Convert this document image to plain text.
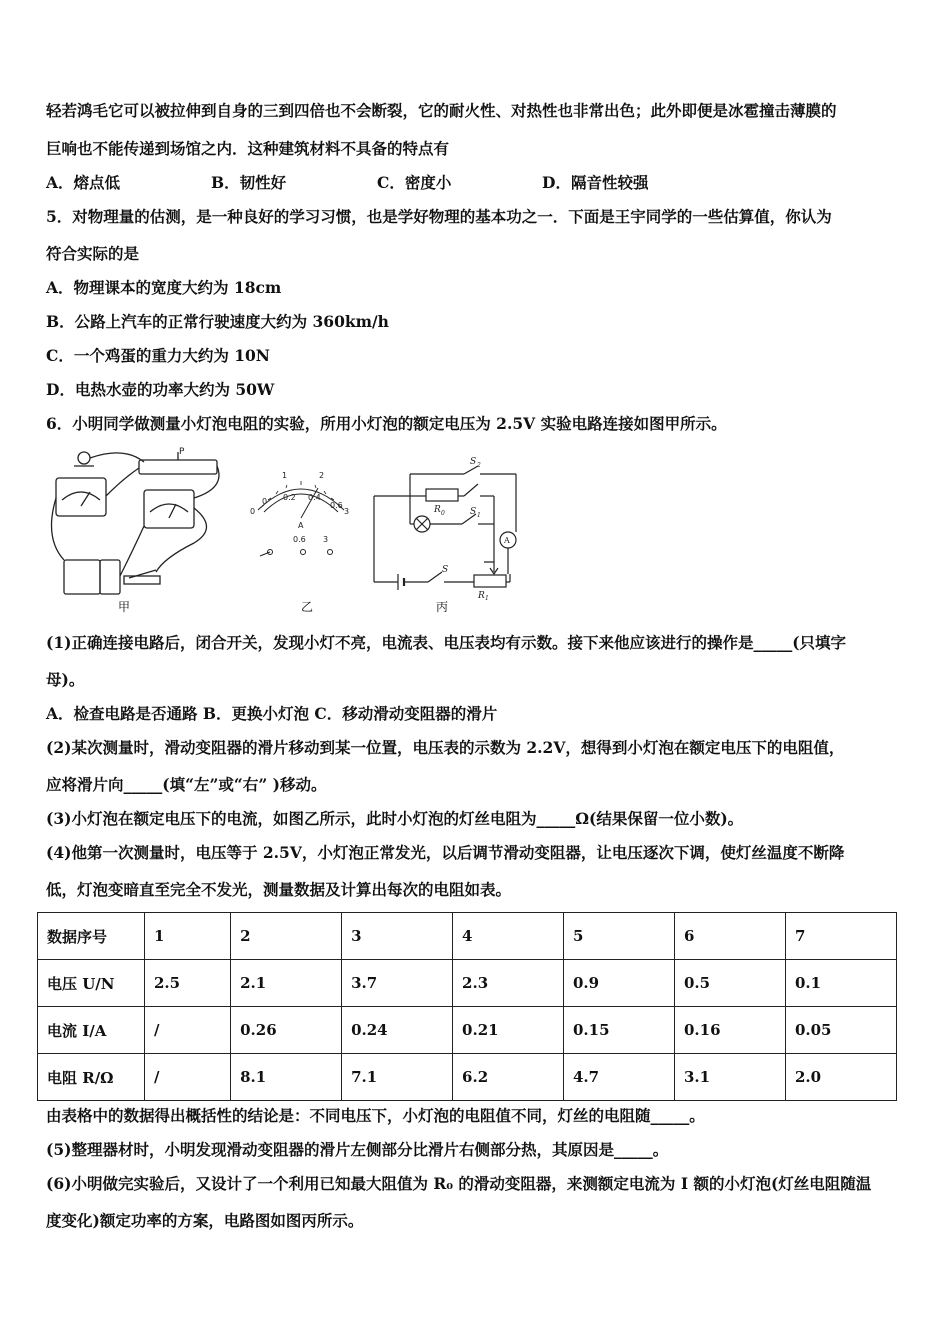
轻若鸿毛它可以被拉伸到自身的三到四倍也不会断裂，它的耐火性、对热性也非常出色；此外即便是冰雹撞击薄膜的
巨响也不能传递到场馆之内．这种建筑材料不具备的特点有
A．熔点低	B．韧性好	C．密度小	D．隔音性较强
5．对物理量的估测，是一种良好的学习习惯，也是学好物理的基本功之一．下面是王宇同学的一些估算值，你认为
符合实际的是
A．物理课本的宽度大约为 18cm
B．公路上汽车的正常行驶速度大约为 360km/h
C．一个鸡蛋的重力大约为 10N
D．电热水壶的功率大约为 50W
6．小明同学做测量小灯泡电阻的实验，所用小灯泡的额定电压为 2.5V 实验电路连接如图甲所示。
P
甲
1	2
0	3
0 0.2 0.4
0.6
A
0.6 3
乙
S 2
R 0	S 1
A
S
R 1
丙
(1)正确连接电路后，闭合开关，发现小灯不亮，电流表、电压表均有示数。接下来他应该进行的操作是_____(只填字
母)。
A．检查电路是否通路 B．更换小灯泡 C．移动滑动变阻器的滑片
(2)某次测量时，滑动变阻器的滑片移动到某一位置，电压表的示数为 2.2V，想得到小灯泡在额定电压下的电阻值，
应将滑片向_____(填“左”或“右” )移动。
(3)小灯泡在额定电压下的电流，如图乙所示，此时小灯泡的灯丝电阻为_____Ω(结果保留一位小数)。
(4)他第一次测量时，电压等于 2.5V，小灯泡正常发光，以后调节滑动变阻器，让电压逐次下调，使灯丝温度不断降
低，灯泡变暗直至完全不发光，测量数据及计算出每次的电阻如表。
数据序号	1	2	3	4	5	6	7
电压 U/N	2.5	2.1	3.7	2.3	0.9	0.5	0.1
电流 I/A	/	0.26	0.24	0.21	0.15	0.16	0.05
电阻 R/Ω	/	8.1	7.1	6.2	4.7	3.1	2.0
由表格中的数据得出概括性的结论是：不同电压下，小灯泡的电阻值不同，灯丝的电阻随_____。
(5)整理器材时，小明发现滑动变阻器的滑片左侧部分比滑片右侧部分热，其原因是_____。
(6)小明做完实验后，又设计了一个利用已知最大阻值为 R₀ 的滑动变阻器，来测额定电流为 I 额的小灯泡(灯丝电阻随温
度变化)额定功率的方案，电路图如图丙所示。
